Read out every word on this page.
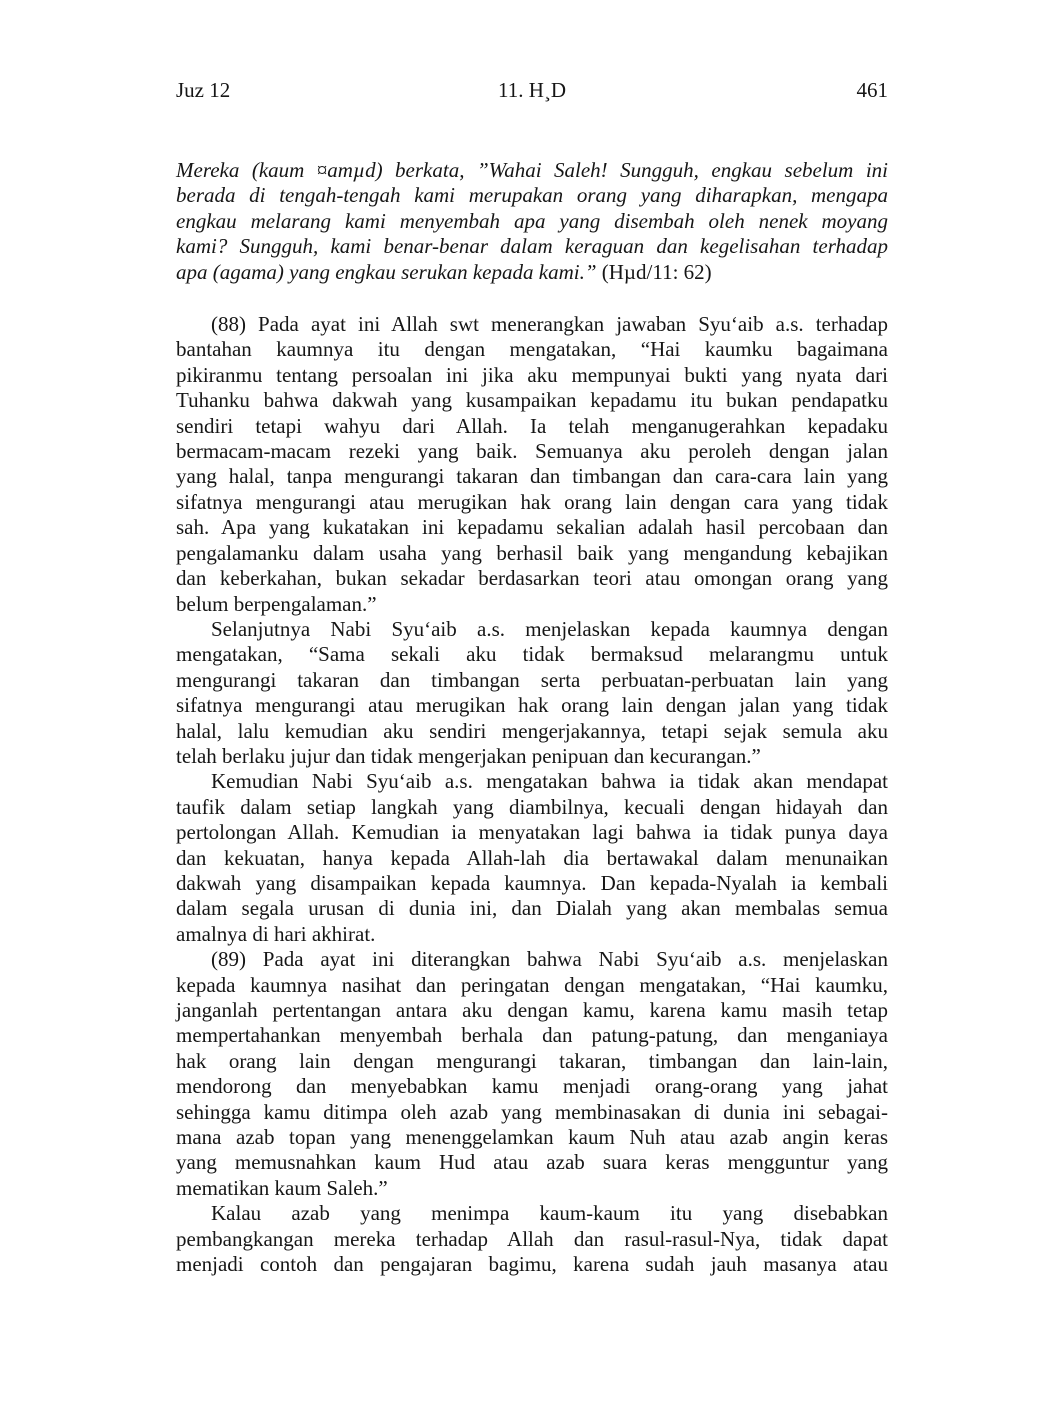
Juz 12	11. H¸D	461
Mereka (kaum ¤amµd) berkata, ”Wahai Saleh! Sungguh, engkau sebelum ini
berada di tengah-tengah kami merupakan orang yang diharapkan, mengapa
engkau melarang kami menyembah apa yang disembah oleh nenek moyang
kami? Sungguh, kami benar-benar dalam keraguan dan kegelisahan terhadap
apa (agama) yang engkau serukan kepada kami.” (Hµd/11: 62)
(88) Pada ayat ini Allah swt menerangkan jawaban Syu‘aib a.s. terhadap
bantahan kaumnya itu dengan mengatakan, “Hai kaumku bagaimana
pikiranmu tentang persoalan ini jika aku mempunyai bukti yang nyata dari
Tuhanku bahwa dakwah yang kusampaikan kepadamu itu bukan pendapatku
sendiri tetapi wahyu dari Allah. Ia telah menganugerahkan kepadaku
bermacam-macam rezeki yang baik. Semuanya aku peroleh dengan jalan
yang halal, tanpa mengurangi takaran dan timbangan dan cara-cara lain yang
sifatnya mengurangi atau merugikan hak orang lain dengan cara yang tidak
sah. Apa yang kukatakan ini kepadamu sekalian adalah hasil percobaan dan
pengalamanku dalam usaha yang berhasil baik yang mengandung kebajikan
dan keberkahan, bukan sekadar berdasarkan teori atau omongan orang yang
belum berpengalaman.”
Selanjutnya Nabi Syu‘aib a.s. menjelaskan kepada kaumnya dengan
mengatakan, “Sama sekali aku tidak bermaksud melarangmu untuk
mengurangi takaran dan timbangan serta perbuatan-perbuatan lain yang
sifatnya mengurangi atau merugikan hak orang lain dengan jalan yang tidak
halal, lalu kemudian aku sendiri mengerjakannya, tetapi sejak semula aku
telah berlaku jujur dan tidak mengerjakan penipuan dan kecurangan.”
Kemudian Nabi Syu‘aib a.s. mengatakan bahwa ia tidak akan mendapat
taufik dalam setiap langkah yang diambilnya, kecuali dengan hidayah dan
pertolongan Allah. Kemudian ia menyatakan lagi bahwa ia tidak punya daya
dan kekuatan, hanya kepada Allah-lah dia bertawakal dalam menunaikan
dakwah yang disampaikan kepada kaumnya. Dan kepada-Nyalah ia kembali
dalam segala urusan di dunia ini, dan Dialah yang akan membalas semua
amalnya di hari akhirat.
(89) Pada ayat ini diterangkan bahwa Nabi Syu‘aib a.s. menjelaskan
kepada kaumnya nasihat dan peringatan dengan mengatakan, “Hai kaumku,
janganlah pertentangan antara aku dengan kamu, karena kamu masih tetap
mempertahankan menyembah berhala dan patung-patung, dan menganiaya
hak orang lain dengan mengurangi takaran, timbangan dan lain-lain,
mendorong dan menyebabkan kamu menjadi orang-orang yang jahat
sehingga kamu ditimpa oleh azab yang membinasakan di dunia ini sebagai-
mana azab topan yang menenggelamkan kaum Nuh atau azab angin keras
yang memusnahkan kaum Hud atau azab suara keras mengguntur yang
mematikan kaum Saleh.”
Kalau azab yang menimpa kaum-kaum itu yang disebabkan
pembangkangan mereka terhadap Allah dan rasul-rasul-Nya, tidak dapat
menjadi contoh dan pengajaran bagimu, karena sudah jauh masanya atau
